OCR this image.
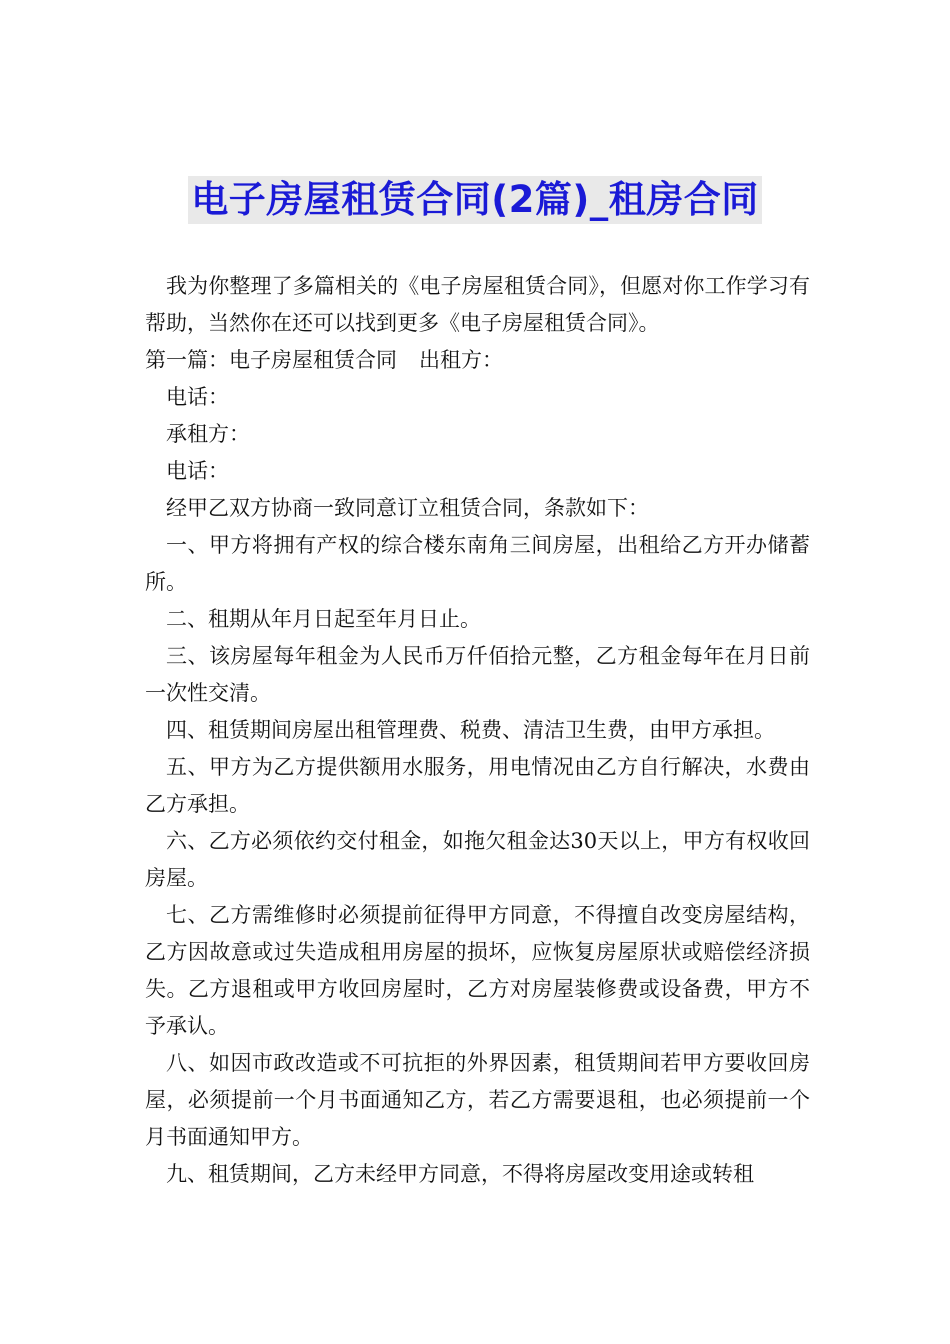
电子房屋租赁合同(2篇)_租房合同

我为你整理了多篇相关的《电子房屋租赁合同》，但愿对你工作学习有帮助，当然你在还可以找到更多《电子房屋租赁合同》。

第一篇：电子房屋租赁合同 出租方：

电话：

承租方：

电话：

经甲乙双方协商一致同意订立租赁合同，条款如下：

一、甲方将拥有产权的综合楼东南角三间房屋，出租给乙方开办储蓄所。

二、租期从年月日起至年月日止。

三、该房屋每年租金为人民币万仟佰拾元整，乙方租金每年在月日前一次性交清。

四、租赁期间房屋出租管理费、税费、清洁卫生费，由甲方承担。

五、甲方为乙方提供额用水服务，用电情况由乙方自行解决，水费由乙方承担。

六、乙方必须依约交付租金，如拖欠租金达30天以上，甲方有权收回房屋。

七、乙方需维修时必须提前征得甲方同意，不得擅自改变房屋结构，乙方因故意或过失造成租用房屋的损坏，应恢复房屋原状或赔偿经济损失。乙方退租或甲方收回房屋时，乙方对房屋装修费或设备费，甲方不予承认。

八、如因市政改造或不可抗拒的外界因素，租赁期间若甲方要收回房屋，必须提前一个月书面通知乙方，若乙方需要退租，也必须提前一个月书面通知甲方。

九、租赁期间，乙方未经甲方同意，不得将房屋改变用途或转租
